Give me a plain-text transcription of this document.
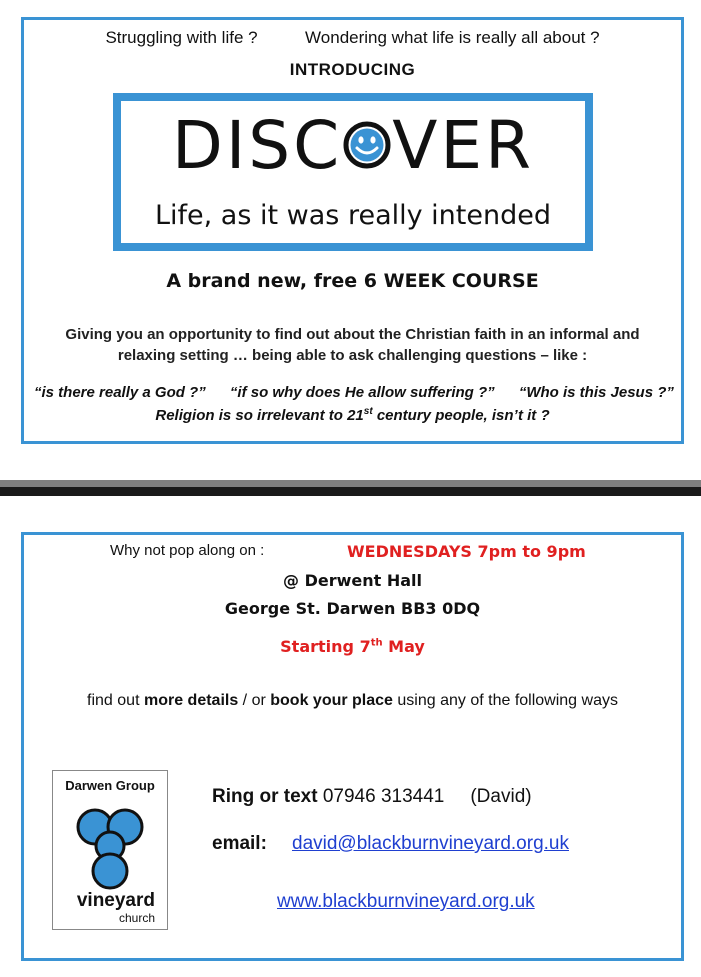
Struggling with life ?	Wondering what life is really all about ?
INTRODUCING
DISC VER
Life, as it was really intended
A brand new, free 6 WEEK COURSE
Giving you an opportunity to find out about the Christian faith in an informal and
relaxing setting … being able to ask challenging questions – like :
“is there really a God ?” “if so why does He allow suffering ?” “Who is this Jesus ?”
Religion is so irrelevant to 21st century people, isn’t it ?
Why not pop along on :	WEDNESDAYS 7pm to 9pm
@ Derwent Hall
George St. Darwen BB3 0DQ
Starting 7th May
find out more details / or book your place using any of the following ways
Darwen Group
vineyard
church
Ring or text 07946 313441 (David)
email: david@blackburnvineyard.org.uk
www.blackburnvineyard.org.uk
